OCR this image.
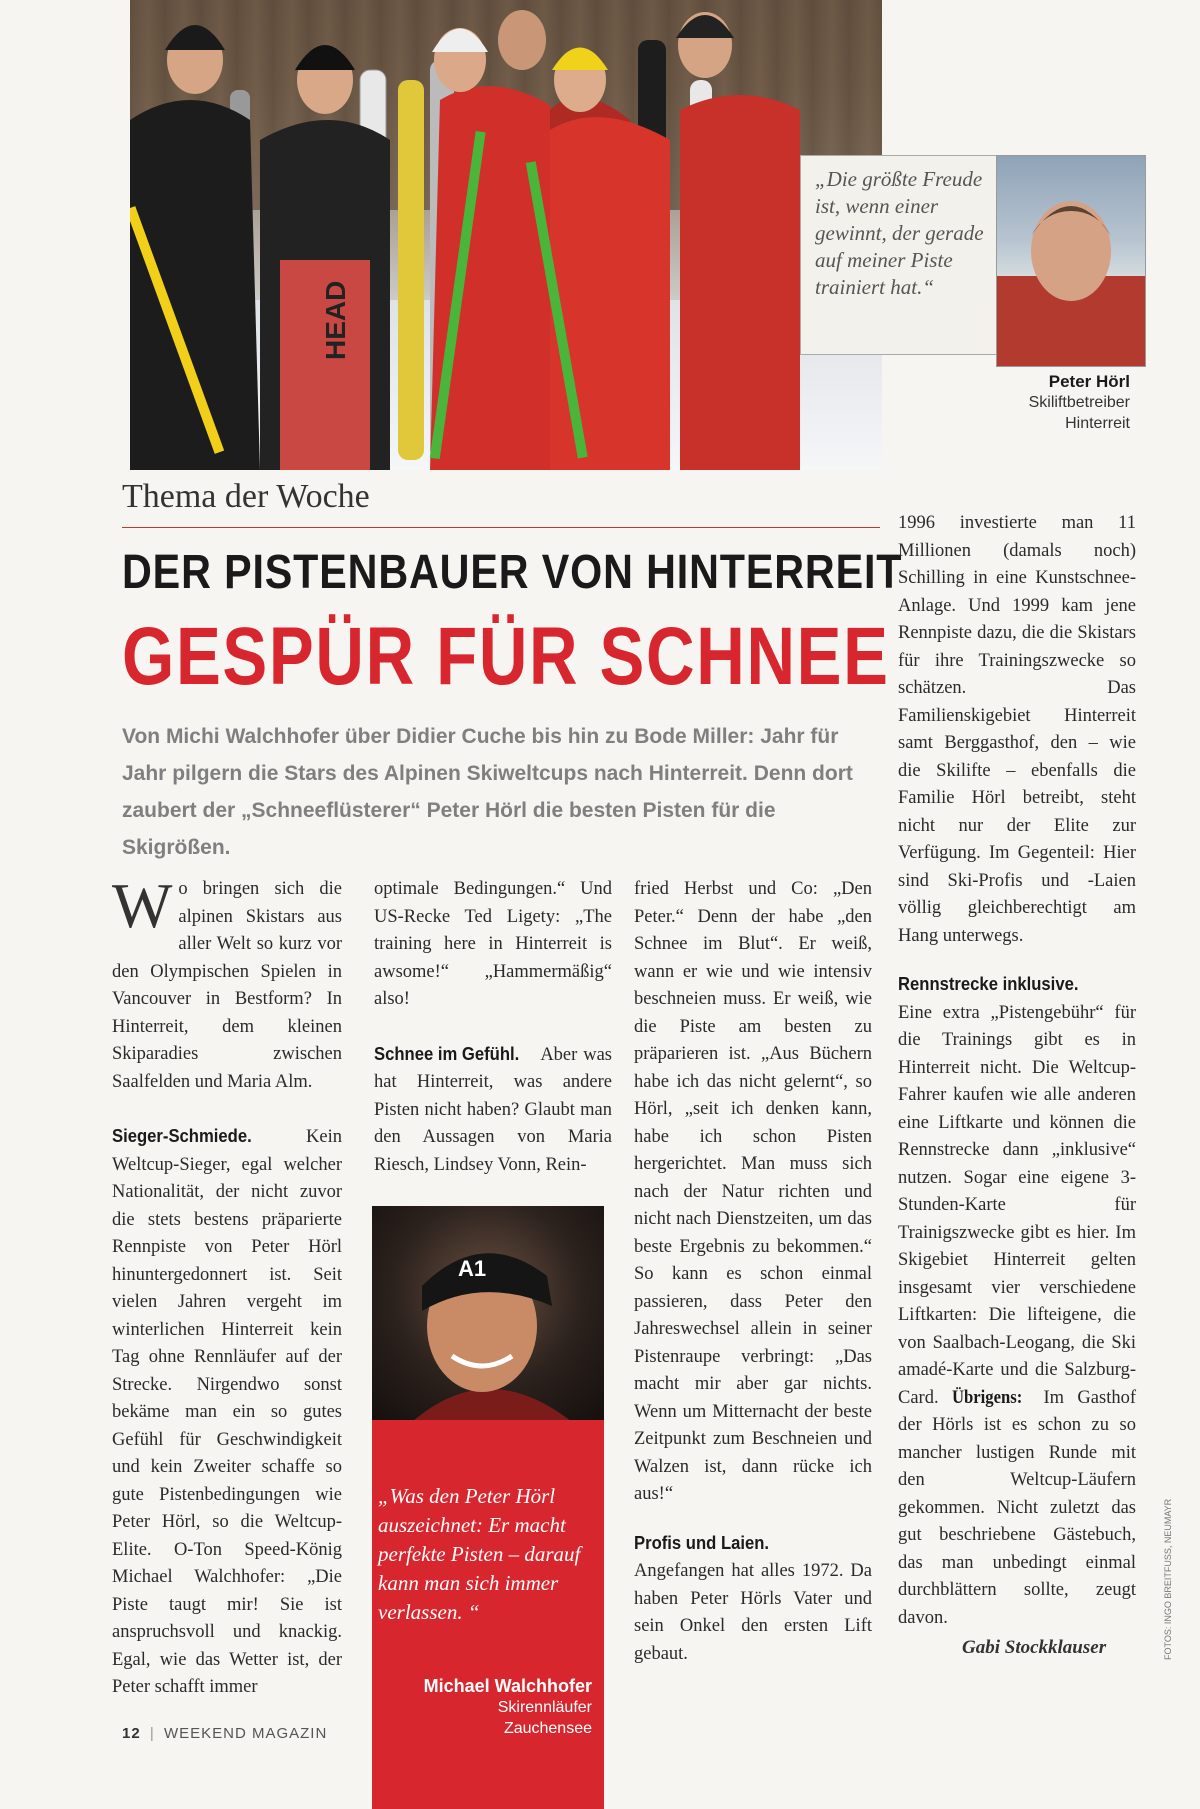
HEAD
„Die größte Freude ist, wenn einer gewinnt, der gerade auf meiner Piste trainiert hat.“
Peter Hörl
Skiliftbetreiber
Hinterreit
Thema der Woche
DER PISTENBAUER VON HINTERREIT
GESPÜR FÜR SCHNEE
Von Michi Walchhofer über Didier Cuche bis hin zu Bode Miller: Jahr für Jahr pilgern die Stars des Alpinen Skiweltcups nach Hinterreit. Denn dort zaubert der „Schneeflüsterer“ Peter Hörl die besten Pisten für die Skigrößen.

Wo bringen sich die alpinen Skistars aus aller Welt so kurz vor den Olympischen Spielen in Vancouver in Bestform? In Hinterreit, dem kleinen Skiparadies zwischen Saalfelden und Maria Alm.

Sieger-Schmiede. Kein Weltcup-Sieger, egal welcher Nationalität, der nicht zuvor die stets bestens präparierte Rennpiste von Peter Hörl hinuntergedonnert ist. Seit vielen Jahren vergeht im winterlichen Hinterreit kein Tag ohne Rennläufer auf der Strecke. Nirgendwo sonst bekäme man ein so gutes Gefühl für Geschwindigkeit und kein Zweiter schaffe so gute Pistenbedingungen wie Peter Hörl, so die Weltcup-Elite. O-Ton Speed-König Michael Walchhofer: „Die Piste taugt mir! Sie ist anspruchsvoll und knackig. Egal, wie das Wetter ist, der Peter schafft immer

optimale Bedingungen.“ Und US-Recke Ted Ligety: „The training here in Hinterreit is awsome!“ „Hammermäßig“ also!

Schnee im Gefühl. Aber was hat Hinterreit, was andere Pisten nicht haben? Glaubt man den Aussagen von Maria Riesch, Lindsey Vonn, Rein-

A1
„Was den Peter Hörl auszeichnet: Er macht perfekte Pisten – darauf kann man sich immer verlassen. “
Michael Walchhofer
Skirennläufer
Zauchensee

fried Herbst und Co: „Den Peter.“ Denn der habe „den Schnee im Blut“. Er weiß, wann er wie und wie intensiv beschneien muss. Er weiß, wie die Piste am besten zu präparieren ist. „Aus Büchern habe ich das nicht gelernt“, so Hörl, „seit ich denken kann, habe ich schon Pisten hergerichtet. Man muss sich nach der Natur richten und nicht nach Dienstzeiten, um das beste Ergebnis zu bekommen.“ So kann es schon einmal passieren, dass Peter den Jahreswechsel allein in seiner Pistenraupe verbringt: „Das macht mir aber gar nichts. Wenn um Mitternacht der beste Zeitpunkt zum Beschneien und Walzen ist, dann rücke ich aus!“

Profis und Laien. Angefangen hat alles 1972. Da haben Peter Hörls Vater und sein Onkel den ersten Lift gebaut.

1996 investierte man 11 Millionen (damals noch) Schilling in eine Kunstschnee-Anlage. Und 1999 kam jene Rennpiste dazu, die die Skistars für ihre Trainingszwecke so schätzen. Das Familienskigebiet Hinterreit samt Berggasthof, den – wie die Skilifte – ebenfalls die Familie Hörl betreibt, steht nicht nur der Elite zur Verfügung. Im Gegenteil: Hier sind Ski-Profis und -Laien völlig gleichberechtigt am Hang unterwegs.

Rennstrecke inklusive. Eine extra „Pistengebühr“ für die Trainings gibt es in Hinterreit nicht. Die Weltcup-Fahrer kaufen wie alle anderen eine Liftkarte und können die Rennstrecke dann „inklusive“ nutzen. Sogar eine eigene 3-Stunden-Karte für Trainigszwecke gibt es hier. Im Skigebiet Hinterreit gelten insgesamt vier verschiedene Liftkarten: Die lifteigene, die von Saalbach-Leogang, die Ski amadé-Karte und die Salzburg-Card. Übrigens: Im Gasthof der Hörls ist es schon zu so mancher lustigen Runde mit den Weltcup-Läufern gekommen. Nicht zuletzt das gut beschriebene Gästebuch, das man unbedingt einmal durchblättern sollte, zeugt davon.

Gabi Stockklauser
12 | WEEKEND MAGAZIN
FOTOS: INGO BREITFUSS, NEUMAYR
